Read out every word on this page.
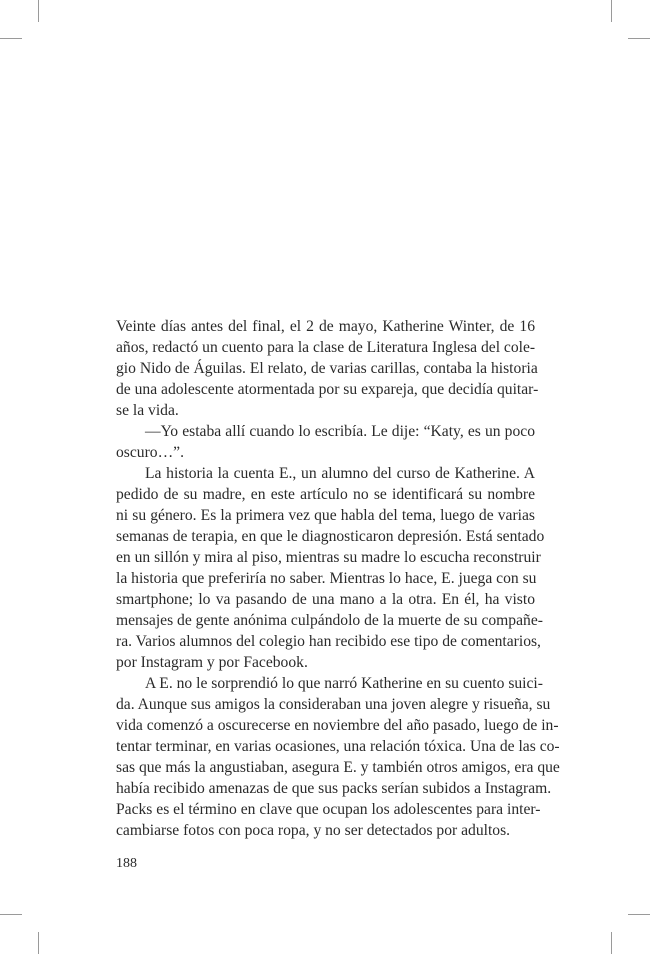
Veinte días antes del final, el 2 de mayo, Katherine Winter, de 16
años, redactó un cuento para la clase de Literatura Inglesa del cole-
gio Nido de Águilas. El relato, de varias carillas, contaba la historia
de una adolescente atormentada por su expareja, que decidía quitar-
se la vida.

—Yo estaba allí cuando lo escribía. Le dije: “Katy, es un poco
oscuro…”.

La historia la cuenta E., un alumno del curso de Katherine. A
pedido de su madre, en este artículo no se identificará su nombre
ni su género. Es la primera vez que habla del tema, luego de varias
semanas de terapia, en que le diagnosticaron depresión. Está sentado
en un sillón y mira al piso, mientras su madre lo escucha reconstruir
la historia que preferiría no saber. Mientras lo hace, E. juega con su
smartphone; lo va pasando de una mano a la otra. En él, ha visto
mensajes de gente anónima culpándolo de la muerte de su compañe-
ra. Varios alumnos del colegio han recibido ese tipo de comentarios,
por Instagram y por Facebook.

A E. no le sorprendió lo que narró Katherine en su cuento suici-
da. Aunque sus amigos la consideraban una joven alegre y risueña, su
vida comenzó a oscurecerse en noviembre del año pasado, luego de in-
tentar terminar, en varias ocasiones, una relación tóxica. Una de las co-
sas que más la angustiaban, asegura E. y también otros amigos, era que
había recibido amenazas de que sus packs serían subidos a Instagram.
Packs es el término en clave que ocupan los adolescentes para inter-
cambiarse fotos con poca ropa, y no ser detectados por adultos.

188
